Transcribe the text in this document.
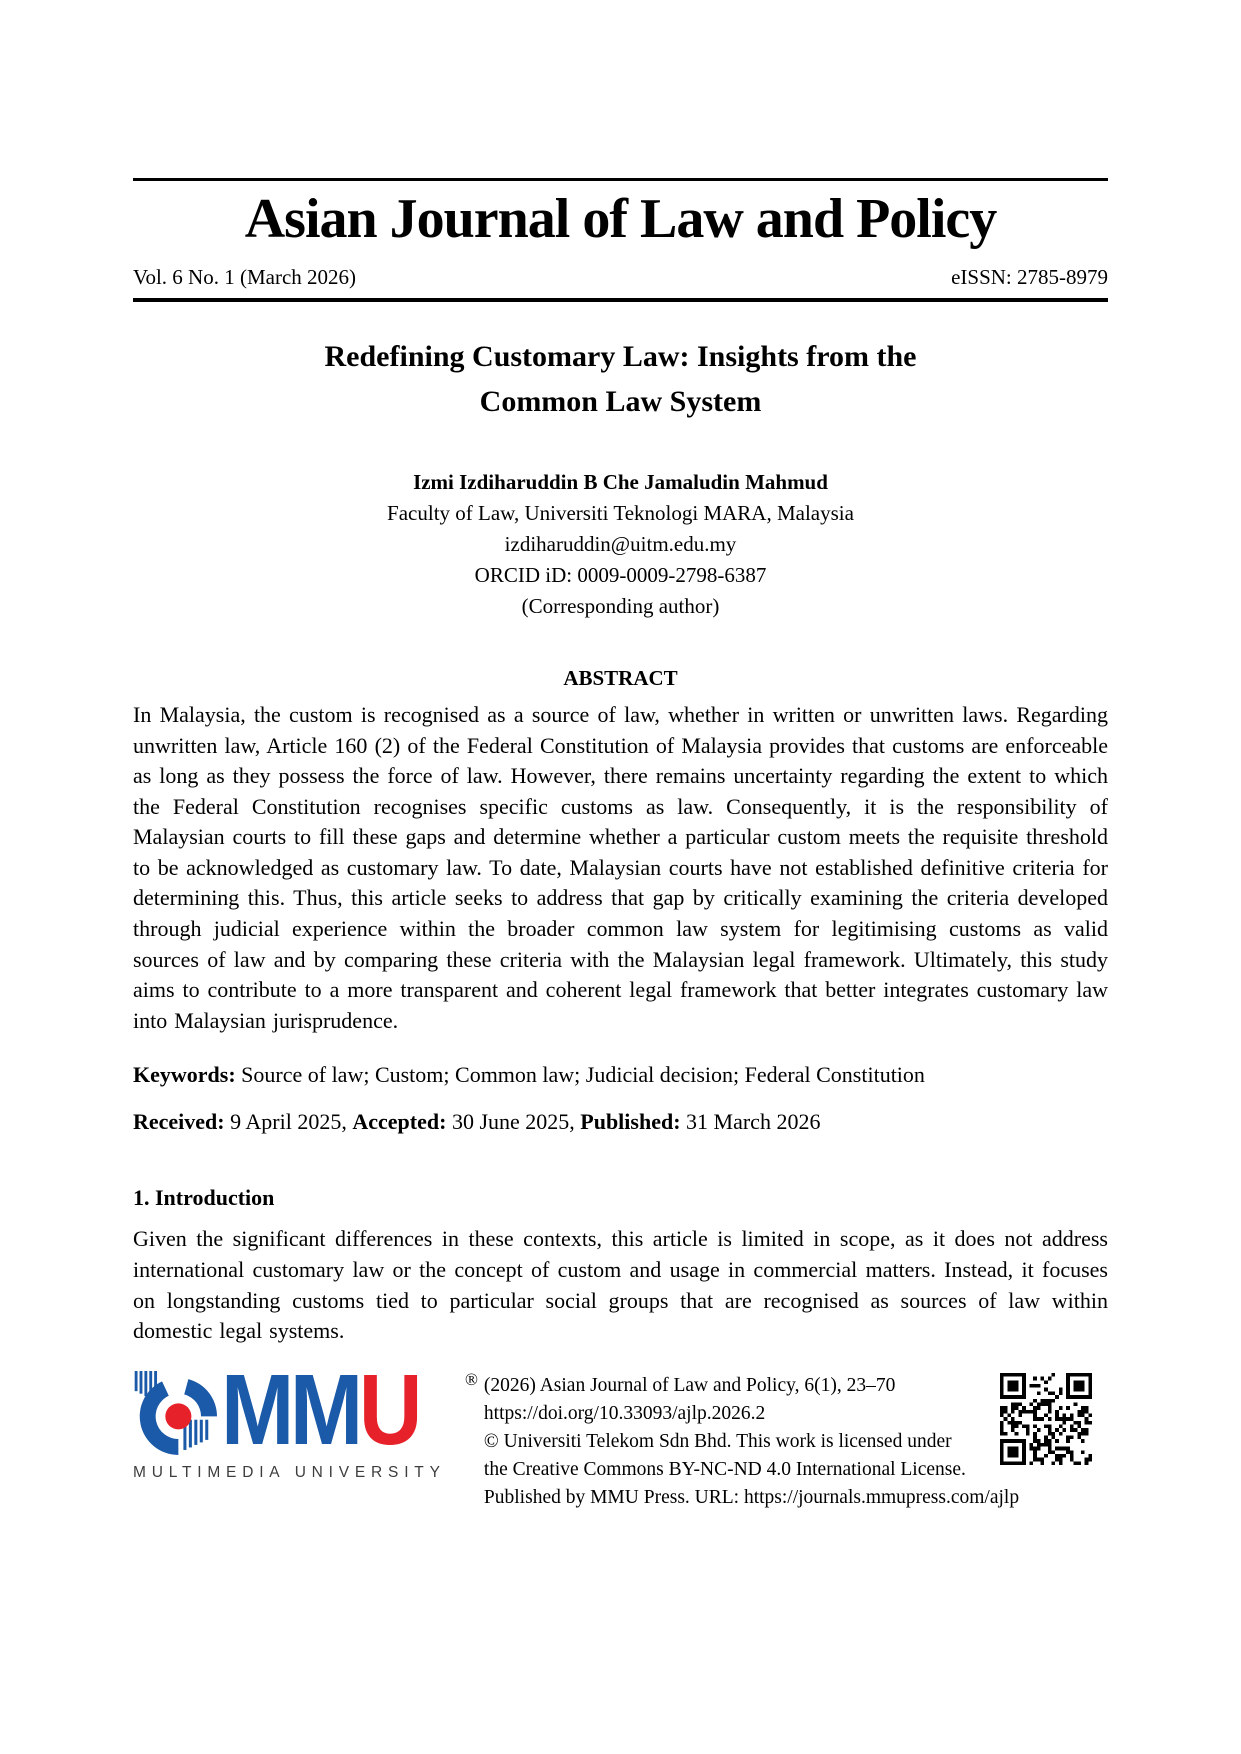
Asian Journal of Law and Policy
Vol. 6 No. 1 (March 2026)	eISSN: 2785-8979
Redefining Customary Law: Insights from the
Common Law System
Izmi Izdiharuddin B Che Jamaludin Mahmud
Faculty of Law, Universiti Teknologi MARA, Malaysia
izdiharuddin@uitm.edu.my
ORCID iD: 0009-0009-2798-6387
(Corresponding author)
ABSTRACT

In Malaysia, the custom is recognised as a source of law, whether in written or unwritten laws. Regarding unwritten law, Article 160 (2) of the Federal Constitution of Malaysia provides that customs are enforceable as long as they possess the force of law. However, there remains uncertainty regarding the extent to which the Federal Constitution recognises specific customs as law. Consequently, it is the responsibility of Malaysian courts to fill these gaps and determine whether a particular custom meets the requisite threshold to be acknowledged as customary law. To date, Malaysian courts have not established definitive criteria for determining this. Thus, this article seeks to address that gap by critically examining the criteria developed through judicial experience within the broader common law system for legitimising customs as valid sources of law and by comparing these criteria with the Malaysian legal framework. Ultimately, this study aims to contribute to a more transparent and coherent legal framework that better integrates customary law into Malaysian jurisprudence.

Keywords: Source of law; Custom; Common law; Judicial decision; Federal Constitution

Received: 9 April 2025, Accepted: 30 June 2025, Published: 31 March 2026

1. Introduction

Given the significant differences in these contexts, this article is limited in scope, as it does not address international customary law or the concept of custom and usage in commercial matters. Instead, it focuses on longstanding customs tied to particular social groups that are recognised as sources of law within domestic legal systems.

MMU
MULTIMEDIA UNIVERSITY
® (2026) Asian Journal of Law and Policy, 6(1), 23–70
https://doi.org/10.33093/ajlp.2026.2
© Universiti Telekom Sdn Bhd. This work is licensed under
the Creative Commons BY-NC-ND 4.0 International License.
Published by MMU Press. URL: https://journals.mmupress.com/ajlp
